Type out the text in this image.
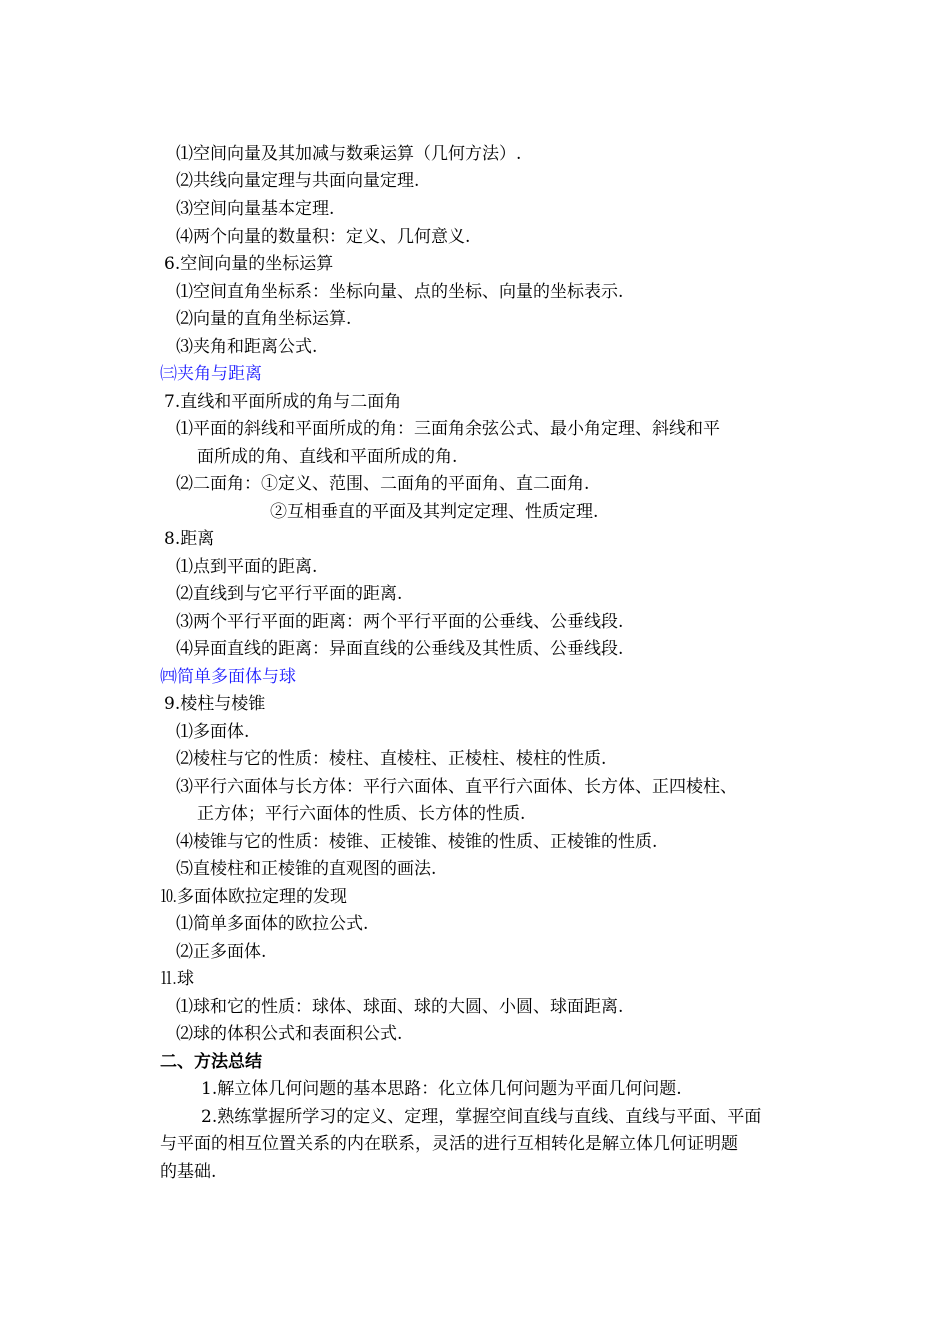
⑴空间向量及其加减与数乘运算（几何方法）.
⑵共线向量定理与共面向量定理.
⑶空间向量基本定理.
⑷两个向量的数量积：定义、几何意义.
6.空间向量的坐标运算
⑴空间直角坐标系：坐标向量、点的坐标、向量的坐标表示.
⑵向量的直角坐标运算.
⑶夹角和距离公式.
㈢夹角与距离
7.直线和平面所成的角与二面角
⑴平面的斜线和平面所成的角：三面角余弦公式、最小角定理、斜线和平
面所成的角、直线和平面所成的角.
⑵二面角：①定义、范围、二面角的平面角、直二面角.
②互相垂直的平面及其判定定理、性质定理.
8.距离
⑴点到平面的距离.
⑵直线到与它平行平面的距离.
⑶两个平行平面的距离：两个平行平面的公垂线、公垂线段.
⑷异面直线的距离：异面直线的公垂线及其性质、公垂线段.
㈣简单多面体与球
9.棱柱与棱锥
⑴多面体.
⑵棱柱与它的性质：棱柱、直棱柱、正棱柱、棱柱的性质.
⑶平行六面体与长方体：平行六面体、直平行六面体、长方体、正四棱柱、
正方体；平行六面体的性质、长方体的性质.
⑷棱锥与它的性质：棱锥、正棱锥、棱锥的性质、正棱锥的性质.
⑸直棱柱和正棱锥的直观图的画法.
⒑多面体欧拉定理的发现
⑴简单多面体的欧拉公式.
⑵正多面体.
⒒球
⑴球和它的性质：球体、球面、球的大圆、小圆、球面距离.
⑵球的体积公式和表面积公式.
二、方法总结
1.解立体几何问题的基本思路：化立体几何问题为平面几何问题.
2.熟练掌握所学习的定义、定理，掌握空间直线与直线、直线与平面、平面
与平面的相互位置关系的内在联系，灵活的进行互相转化是解立体几何证明题
的基础.
